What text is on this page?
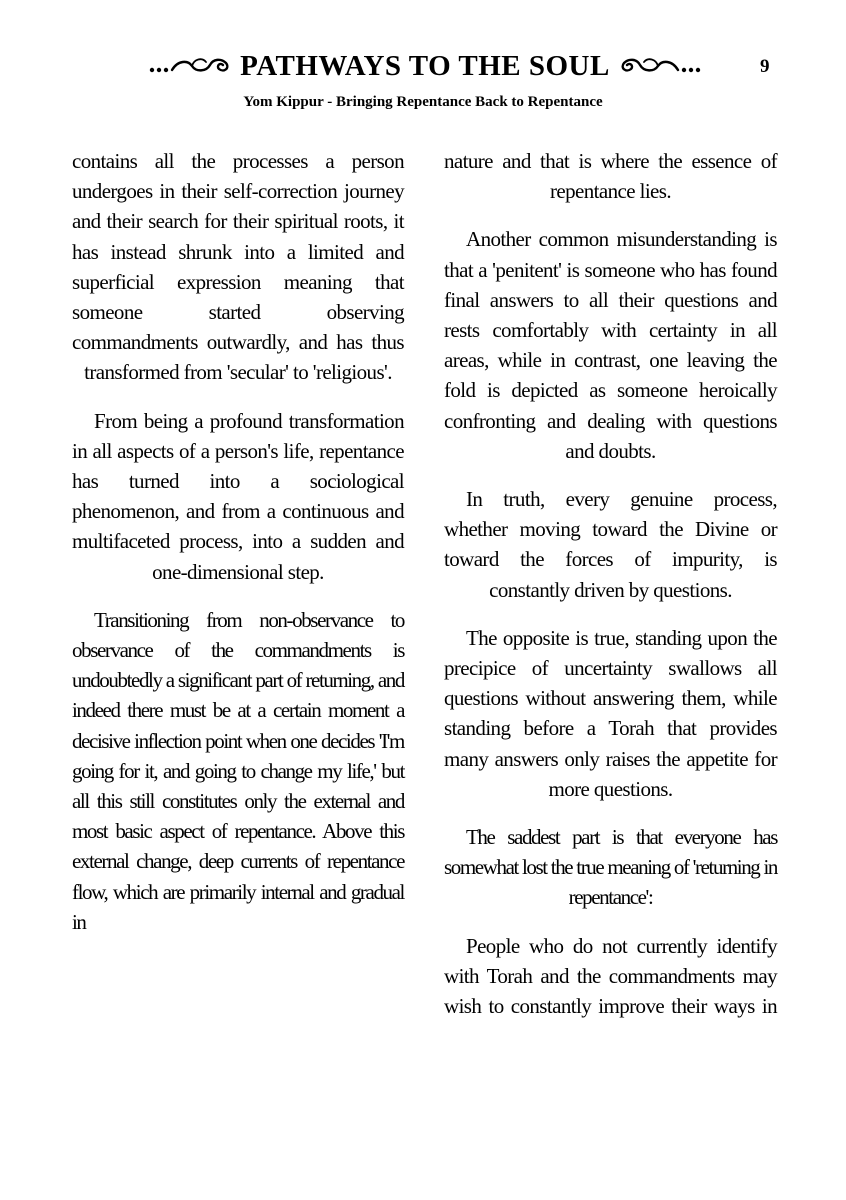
PATHWAYS TO THE SOUL	9
Yom Kippur - Bringing Repentance Back to Repentance

contains all the processes a person undergoes in their self-correction journey and their search for their spiritual roots, it has instead shrunk into a limited and superficial expression meaning that someone started observing commandments outwardly, and has thus transformed from 'secular' to 'religious'.

From being a profound transformation in all aspects of a person's life, repentance has turned into a sociological phenomenon, and from a continuous and multifaceted process, into a sudden and one-dimensional step.

Transitioning from non-observance to observance of the commandments is undoubtedly a significant part of returning, and indeed there must be at a certain moment a decisive inflection point when one decides 'I'm going for it, and going to change my life,' but all this still constitutes only the external and most basic aspect of repentance. Above this external change, deep currents of repentance flow, which are primarily internal and gradual in

nature and that is where the essence of repentance lies.

Another common misunderstanding is that a 'penitent' is someone who has found final answers to all their questions and rests comfortably with certainty in all areas, while in contrast, one leaving the fold is depicted as someone heroically confronting and dealing with questions and doubts.

In truth, every genuine process, whether moving toward the Divine or toward the forces of impurity, is constantly driven by questions.

The opposite is true, standing upon the precipice of uncertainty swallows all questions without answering them, while standing before a Torah that provides many answers only raises the appetite for more questions.

The saddest part is that everyone has somewhat lost the true meaning of 'returning in repentance':

People who do not currently identify with Torah and the commandments may wish to constantly improve their ways in
